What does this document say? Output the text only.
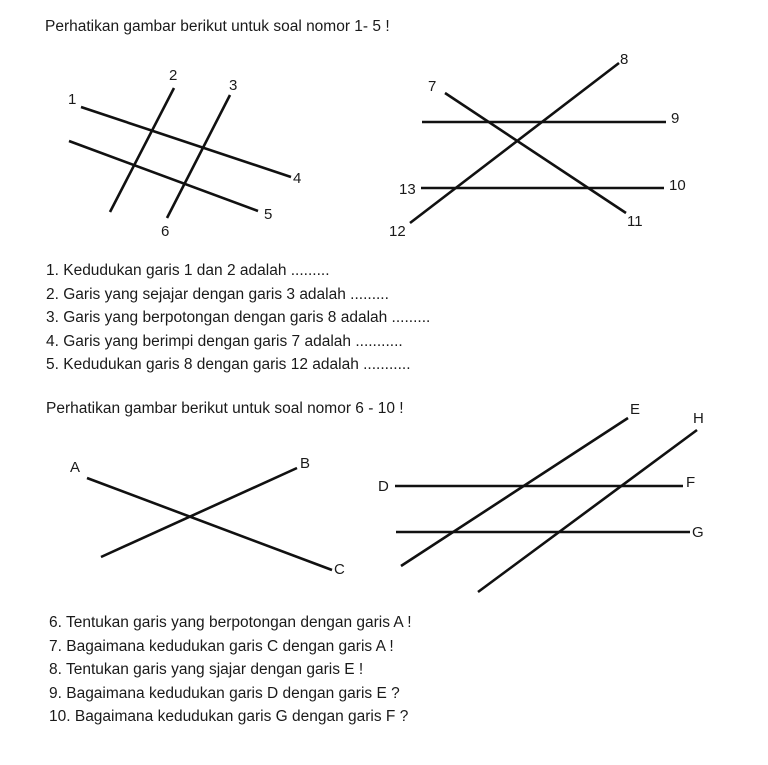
Perhatikan gambar berikut untuk soal nomor 1- 5 !
1
2
3
4
5
6
7
8
9
10
11
12
13
A	B
C
D
E
F
G
H
1. Kedudukan garis 1 dan 2 adalah .........
2. Garis yang sejajar dengan garis 3 adalah .........
3. Garis yang berpotongan dengan garis 8 adalah .........
4. Garis yang berimpi dengan garis 7 adalah ...........
5. Kedudukan garis 8 dengan garis 12 adalah ...........
Perhatikan gambar berikut untuk soal nomor 6 - 10 !
6. Tentukan garis yang berpotongan dengan garis A !
7. Bagaimana kedudukan garis C dengan garis A !
8. Tentukan garis yang sjajar dengan garis E !
9. Bagaimana kedudukan garis D dengan garis E ?
10. Bagaimana kedudukan garis G dengan garis F ?
